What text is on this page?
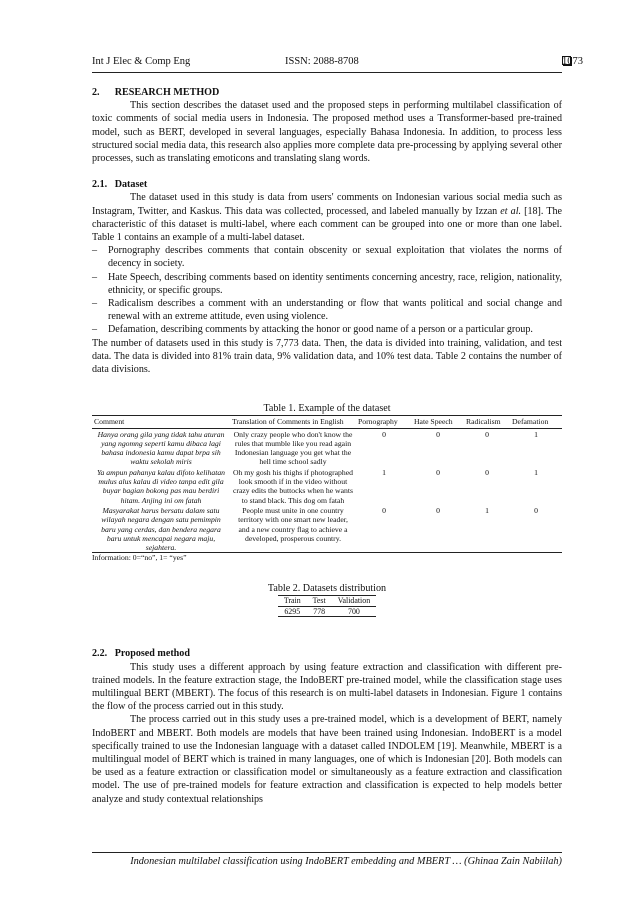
Int J Elec & Comp Eng	ISSN: 2088-8708	1073
2.      RESEARCH METHOD

This section describes the dataset used and the proposed steps in performing multilabel classification of toxic comments of social media users in Indonesia. The proposed method uses a Transformer-based pre-trained model, such as BERT, developed in several languages, especially Bahasa Indonesia. In addition, to process less structured social media data, this research also applies more complete data pre-processing by applying several other processes, such as translating emoticons and translating slang words.

2.1.   Dataset

The dataset used in this study is data from users' comments on Indonesian various social media such as Instagram, Twitter, and Kaskus. This data was collected, processed, and labeled manually by Izzan et al. [18]. The characteristic of this dataset is multi-label, where each comment can be grouped into one or more than one label. Table 1 contains an example of a multi-label dataset.

– Pornography describes comments that contain obscenity or sexual exploitation that violates the norms of decency in society.
– Hate Speech, describing comments based on identity sentiments concerning ancestry, race, religion, nationality, ethnicity, or specific groups.
– Radicalism describes a comment with an understanding or flow that wants political and social change and renewal with an extreme attitude, even using violence.
– Defamation, describing comments by attacking the honor or good name of a person or a particular group.

The number of datasets used in this study is 7,773 data. Then, the data is divided into training, validation, and test data. The data is divided into 81% train data, 9% validation data, and 10% test data. Table 2 contains the number of data divisions.

Table 1. Example of the dataset
Comment	Translation of Comments in English	Pornography	Hate Speech	Radicalism	Defamation
Hanya orang gila yang tidak tahu aturan yang ngomng seperti kamu dibaca lagi bahasa indonesia kamu dapat brpa sih waktu sekolah miris	Only crazy people who don't know the rules that mumble like you read again Indonesian language you get what the hell time school sadly	0	0	0	1
Ya ampun pahanya kalau difoto kelihatan mulus alus kalau di video tanpa edit gila buyar bagian bokong pas mau berdiri hitam. Anjing ini om fatah	Oh my gosh his thighs if photographed look smooth if in the video without crazy edits the buttocks when he wants to stand black. This dog om fatah	1	0	0	1
Masyarakat harus bersatu dalam satu wilayah negara dengan satu pemimpin baru yang cerdas, dan bendera negara baru untuk mencapai negara maju, sejahtera.	People must unite in one country territory with one smart new leader, and a new country flag to achieve a developed, prosperous country.	0	0	1	0
Information: 0=“no”, 1= “yes”
Table 2. Datasets distribution
Train	Test	Validation
6295	778	700
2.2.   Proposed method

This study uses a different approach by using feature extraction and classification with different pre-trained models. In the feature extraction stage, the IndoBERT pre-trained model, while the classification stage uses multilingual BERT (MBERT). The focus of this research is on multi-label datasets in Indonesian. Figure 1 contains the flow of the process carried out in this study.

The process carried out in this study uses a pre-trained model, which is a development of BERT, namely IndoBERT and MBERT. Both models are models that have been trained using Indonesian. IndoBERT is a model specifically trained to use the Indonesian language with a dataset called INDOLEM [19]. Meanwhile, MBERT is a multilingual model of BERT which is trained in many languages, one of which is Indonesian [20]. Both models can be used as a feature extraction or classification model or simultaneously as a feature extraction and classification model. The use of pre-trained models for feature extraction and classification is expected to help models better analyze and study contextual relationships

Indonesian multilabel classification using IndoBERT embedding and MBERT … (Ghinaa Zain Nabiilah)
